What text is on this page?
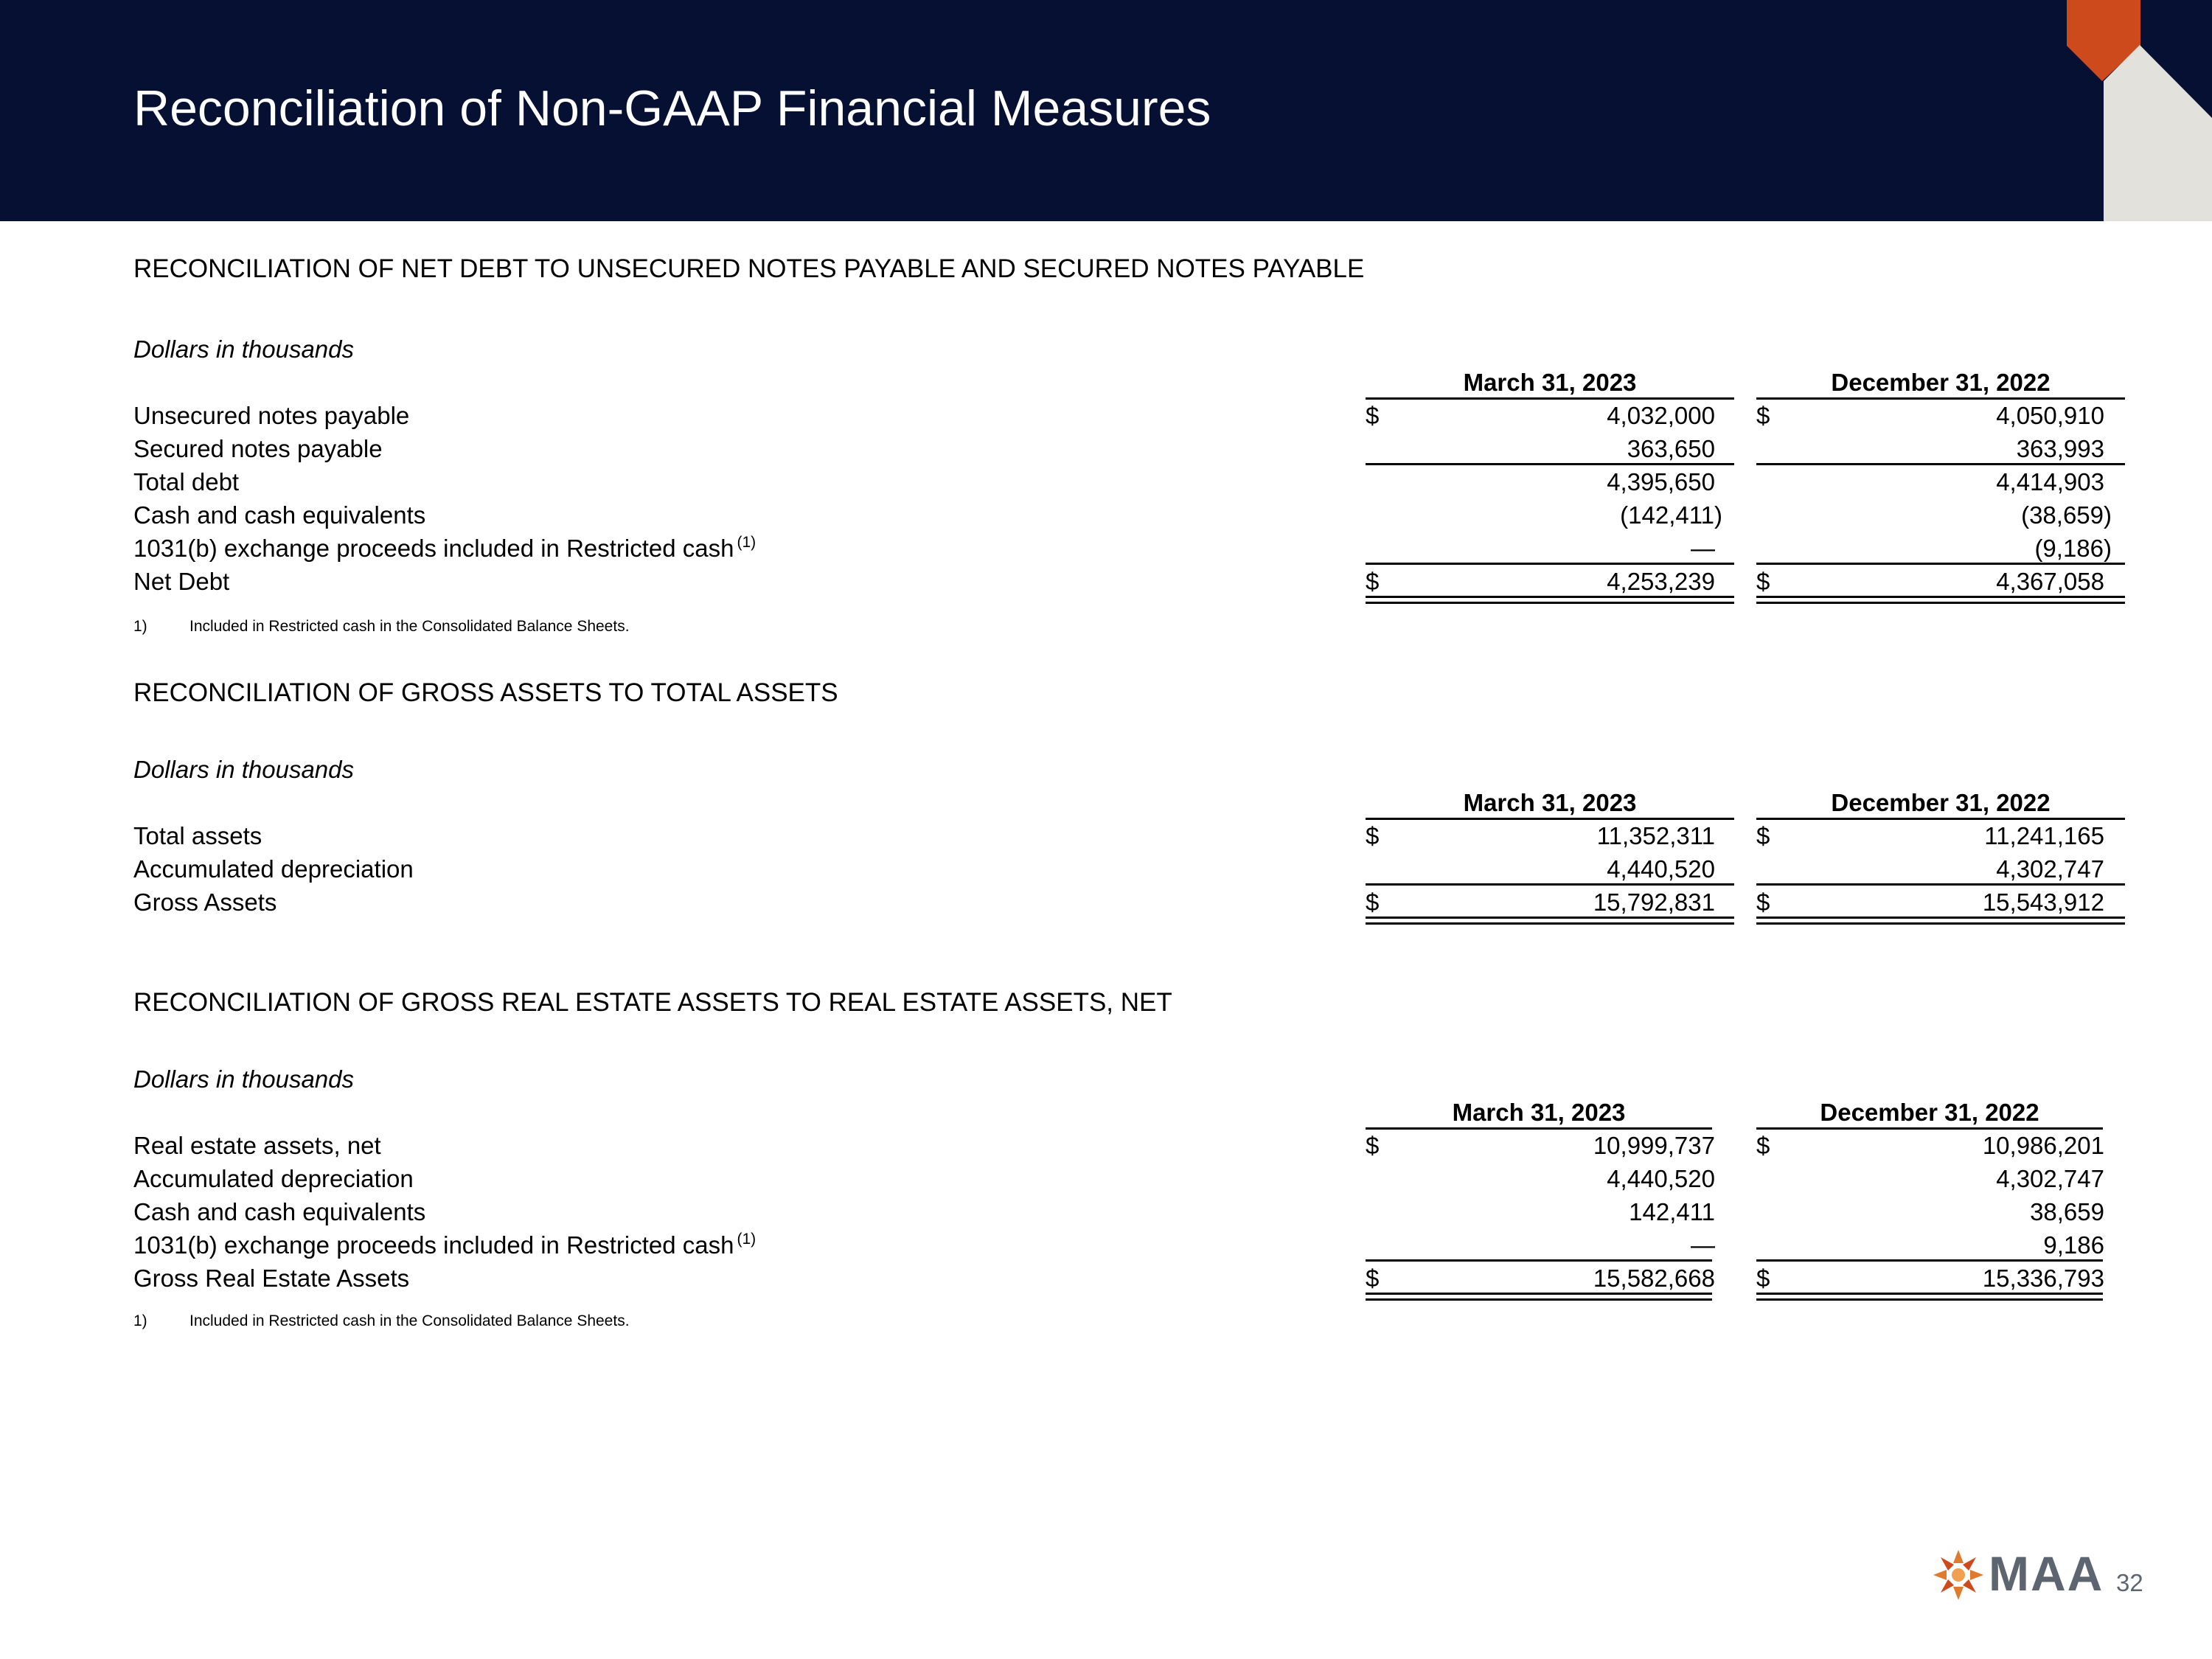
Reconciliation of Non-GAAP Financial Measures
RECONCILIATION OF NET DEBT TO UNSECURED NOTES PAYABLE AND SECURED NOTES PAYABLE
Dollars in thousands
March 31, 2023	December 31, 2022
Unsecured notes payable	$	4,032,000 $	4,050,910
Secured notes payable	363,650	363,993
Total debt	4,395,650	4,414,903
Cash and cash equivalents	(142,411)	(38,659)
1031(b) exchange proceeds included in Restricted cash $^{(1)}$	—	(9,186)
Net Debt	$	4,253,239 $	4,367,058
1)	Included in Restricted cash in the Consolidated Balance Sheets.
RECONCILIATION OF GROSS ASSETS TO TOTAL ASSETS
Dollars in thousands
March 31, 2023	December 31, 2022
Total assets	$	11,352,311 $	11,241,165
Accumulated depreciation	4,440,520	4,302,747
Gross Assets	$	15,792,831 $	15,543,912
RECONCILIATION OF GROSS REAL ESTATE ASSETS TO REAL ESTATE ASSETS, NET
Dollars in thousands
March 31, 2023	December 31, 2022
Real estate assets, net	$	10,999,737 $	10,986,201
Accumulated depreciation	4,440,520	4,302,747
Cash and cash equivalents	142,411	38,659
1031(b) exchange proceeds included in Restricted cash $^{(1)}$	—	9,186
Gross Real Estate Assets	$	15,582,668 $	15,336,793
1)	Included in Restricted cash in the Consolidated Balance Sheets.
MAA 32
